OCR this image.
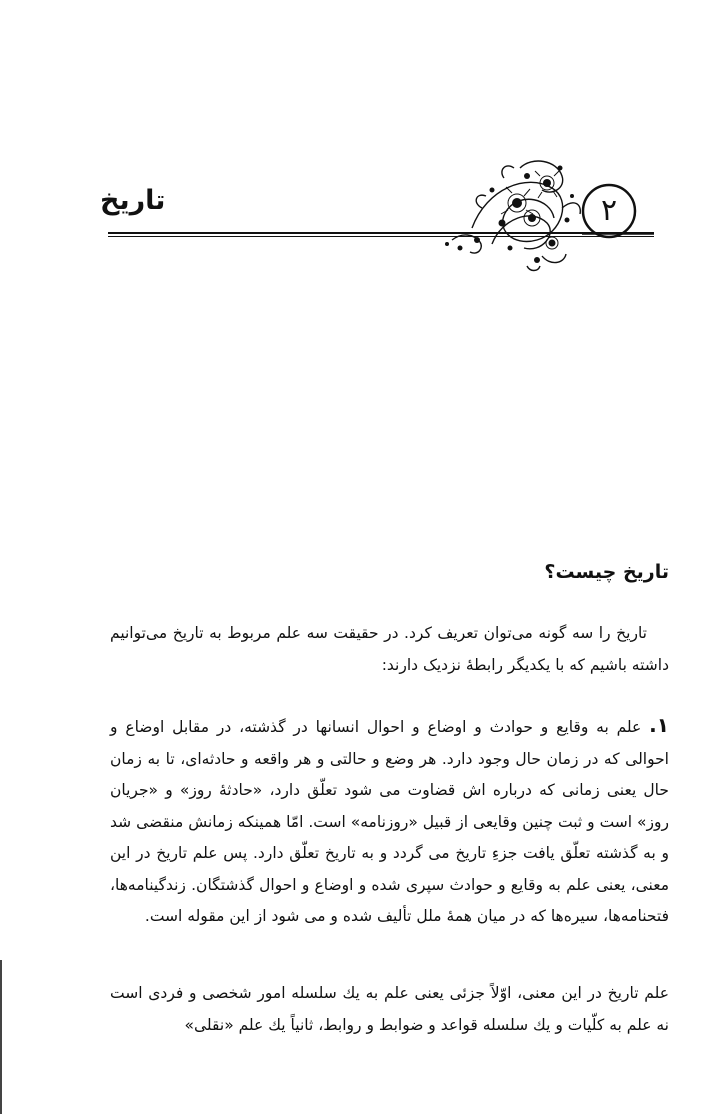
۲
تاریخ
تاریخ چیست؟

تاریخ را سه گونه می‌توان تعریف کرد. در حقیقت سه علم مربوط به تاریخ می‌توانیم داشته باشیم که با یکدیگر رابطهٔ نزدیک دارند:

۱. علم به وقایع و حوادث و اوضاع و احوال انسانها در گذشته، در مقابل اوضاع و احوالی که در زمان حال وجود دارد. هر وضع و حالتی و هر واقعه و حادثه‌ای، تا به زمان حال یعنی زمانی که درباره اش قضاوت می شود تعلّق دارد، «حادثهٔ روز» و «جریان روز» است و ثبت چنین وقایعی از قبیل «روزنامه» است. امّا همینکه زمانش منقضی شد و به گذشته تعلّق یافت جزءِ تاریخ می گردد و به تاریخ تعلّق دارد. پس علم تاریخ در این معنی، یعنی علم به وقایع و حوادث سپری شده و اوضاع و احوال گذشتگان. زندگینامه‌ها، فتحنامه‌ها، سیره‌ها که در میان همهٔ ملل تألیف شده و می شود از این مقوله است.

علم تاریخ در این معنی، اوّلاً جزئی یعنی علم به یك سلسله امور شخصی و فردی است نه علم به کلّیات و یك سلسله قواعد و ضوابط و روابط، ثانیاً یك علم «نقلی»
